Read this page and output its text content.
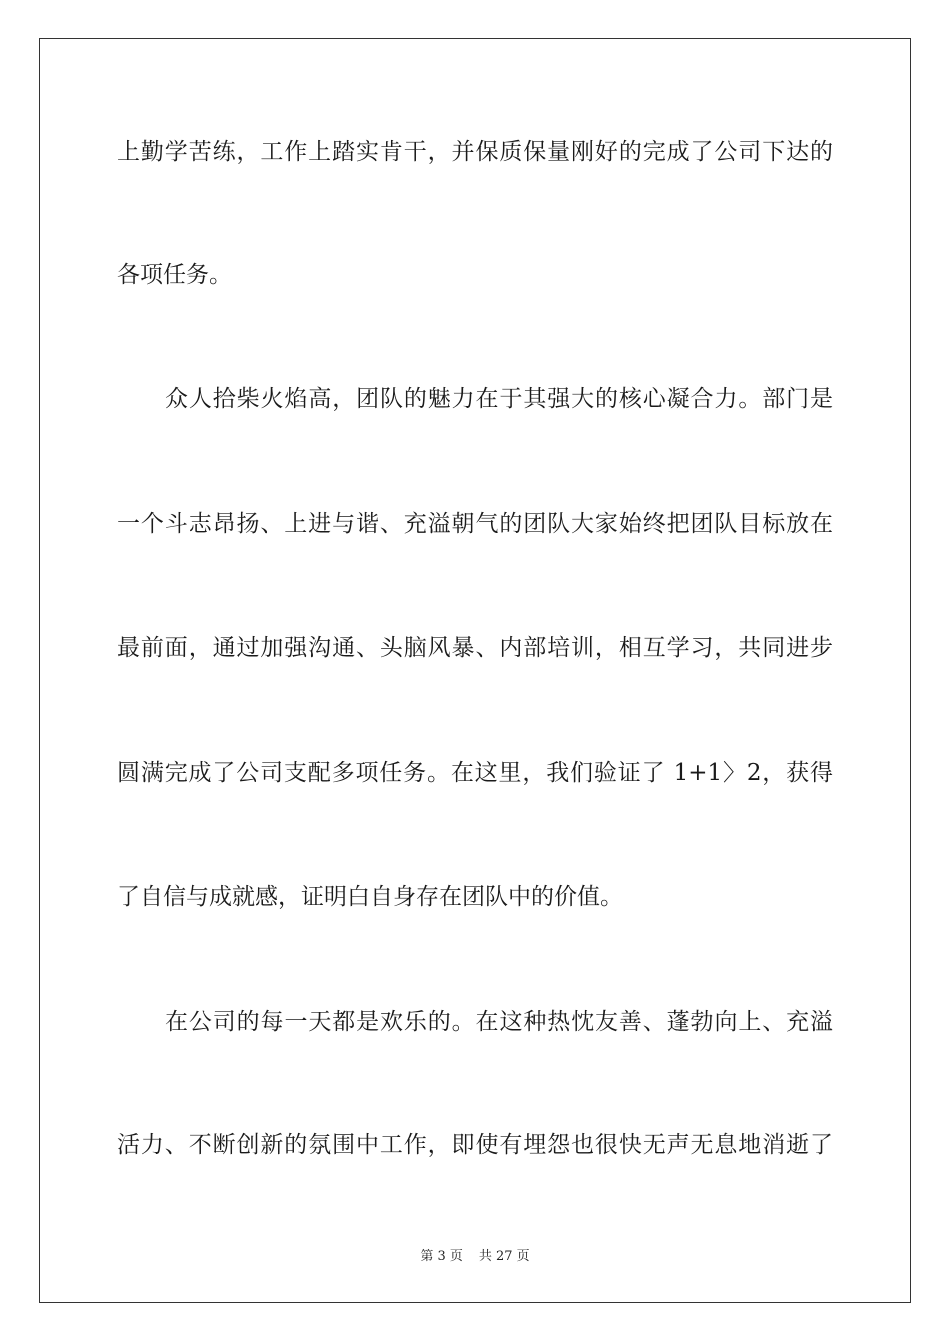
上勤学苦练，工作上踏实肯干，并保质保量刚好的完成了公司下达的
各项任务。
众人拾柴火焰高，团队的魅力在于其强大的核心凝合力。部门是
一个斗志昂扬、上进与谐、充溢朝气的团队大家始终把团队目标放在
最前面，通过加强沟通、头脑风暴、内部培训，相互学习，共同进步
圆满完成了公司支配多项任务。在这里，我们验证了 1+1〉2，获得
了自信与成就感，证明白自身存在团队中的价值。
在公司的每一天都是欢乐的。在这种热忱友善、蓬勃向上、充溢
活力、不断创新的氛围中工作，即使有埋怨也很快无声无息地消逝了
第 3 页 共 27 页
